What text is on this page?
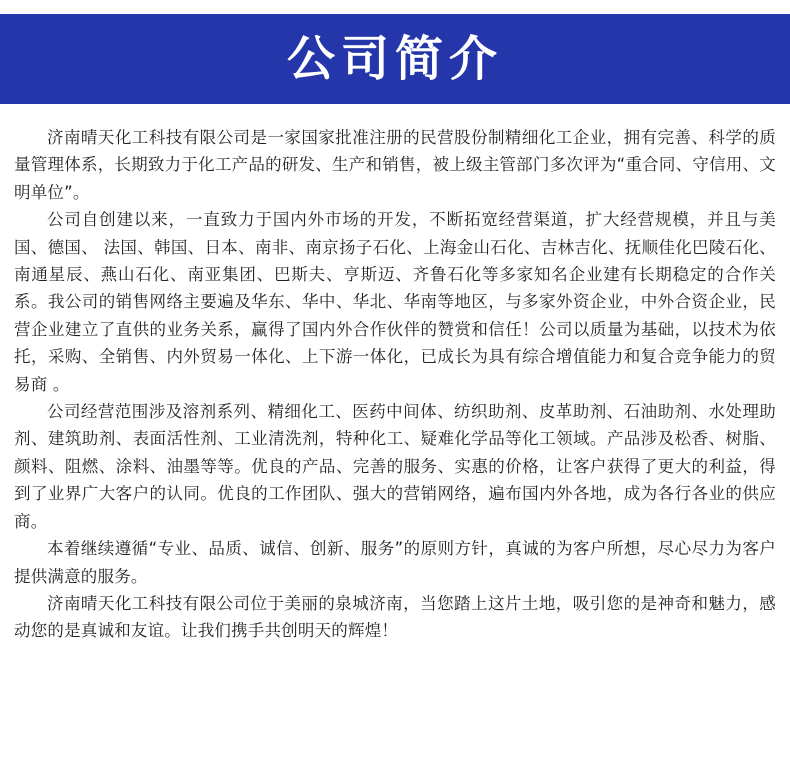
公司简介

济南晴天化工科技有限公司是一家国家批准注册的民营股份制精细化工企业，拥有完善、科学的质量管理体系，长期致力于化工产品的研发、生产和销售，被上级主管部门多次评为“重合同、守信用、文明单位”。

公司自创建以来，一直致力于国内外市场的开发，不断拓宽经营渠道，扩大经营规模，并且与美国、德国、 法国、韩国、日本、南非、南京扬子石化、上海金山石化、吉林吉化、抚顺佳化巴陵石化、南通星辰、燕山石化、南亚集团、巴斯夫、亨斯迈、齐鲁石化等多家知名企业建有长期稳定的合作关系。我公司的销售网络主要遍及华东、华中、华北、华南等地区，与多家外资企业，中外合资企业，民营企业建立了直供的业务关系，赢得了国内外合作伙伴的赞赏和信任！公司以质量为基础，以技术为依托，采购、全销售、内外贸易一体化、上下游一体化，已成长为具有综合增值能力和复合竞争能力的贸易商 。

公司经营范围涉及溶剂系列、精细化工、医药中间体、纺织助剂、皮革助剂、石油助剂、水处理助剂、建筑助剂、表面活性剂、工业清洗剂，特种化工、疑难化学品等化工领域。产品涉及松香、树脂、颜料、阻燃、涂料、油墨等等。优良的产品、完善的服务、实惠的价格，让客户获得了更大的利益，得到了业界广大客户的认同。优良的工作团队、强大的营销网络，遍布国内外各地，成为各行各业的供应商。

本着继续遵循“专业、品质、诚信、创新、服务”的原则方针，真诚的为客户所想，尽心尽力为客户提供满意的服务。

济南晴天化工科技有限公司位于美丽的泉城济南，当您踏上这片土地，吸引您的是神奇和魅力，感动您的是真诚和友谊。让我们携手共创明天的辉煌！
